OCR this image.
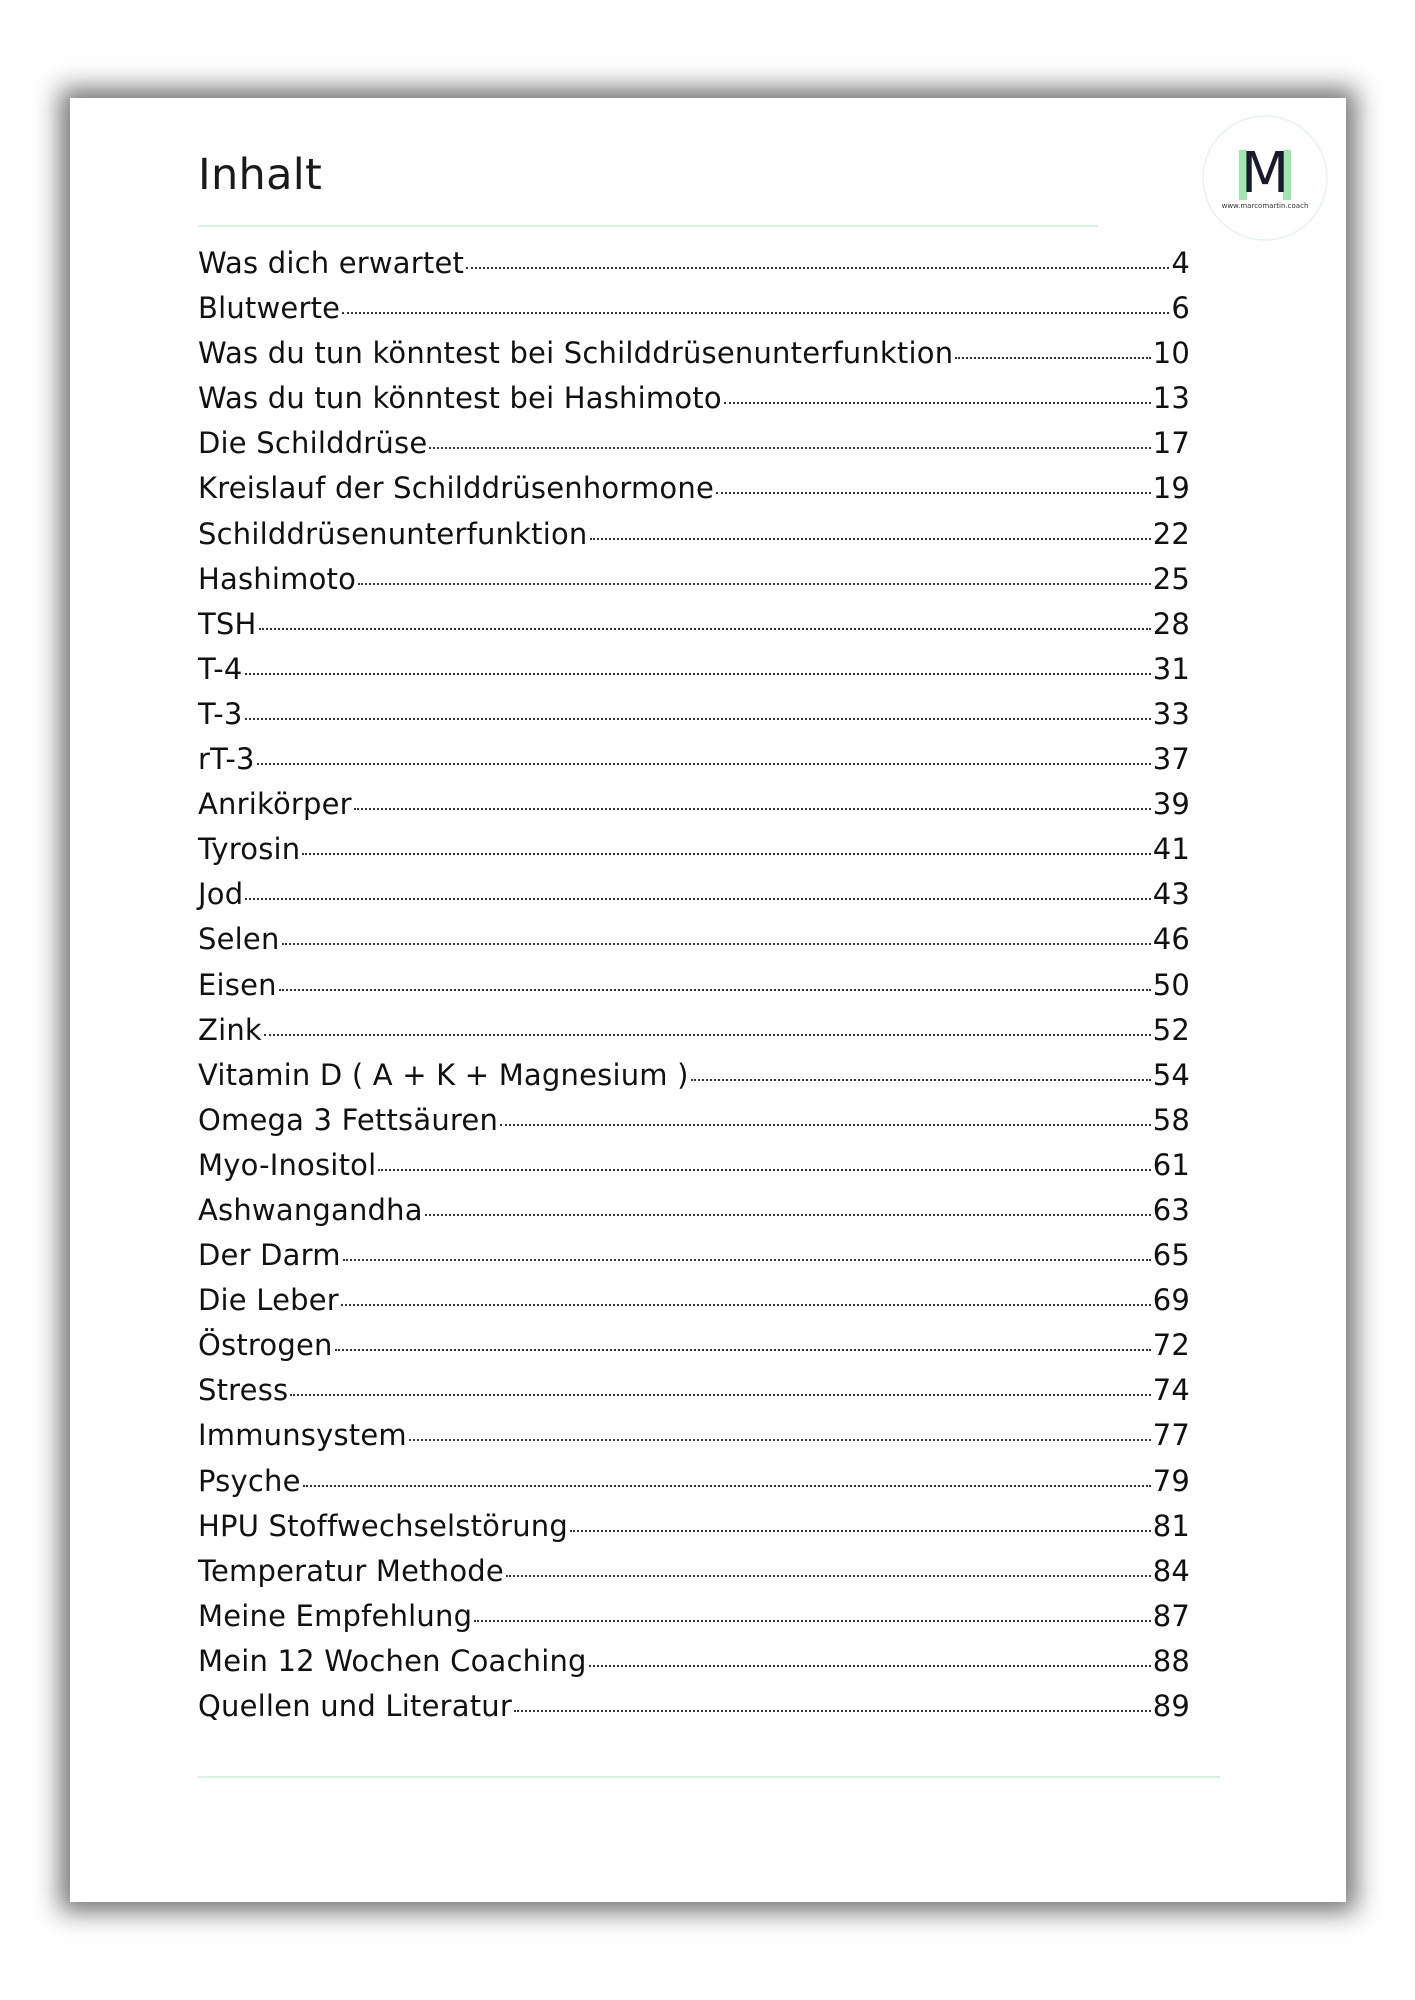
Inhalt	M
www.marcomartin.coach
Was dich erwartet	4
Blutwerte	6
Was du tun könntest bei Schilddrüsenunterfunktion	10
Was du tun könntest bei Hashimoto	13
Die Schilddrüse	17
Kreislauf der Schilddrüsenhormone	19
Schilddrüsenunterfunktion	22
Hashimoto	25
TSH	28
T-4	31
T-3	33
rT-3	37
Anrikörper	39
Tyrosin	41
Jod	43
Selen	46
Eisen	50
Zink	52
Vitamin D ( A + K + Magnesium )	54
Omega 3 Fettsäuren	58
Myo-Inositol	61
Ashwangandha	63
Der Darm	65
Die Leber	69
Östrogen	72
Stress	74
Immunsystem	77
Psyche	79
HPU Stoffwechselstörung	81
Temperatur Methode	84
Meine Empfehlung	87
Mein 12 Wochen Coaching	88
Quellen und Literatur	89
